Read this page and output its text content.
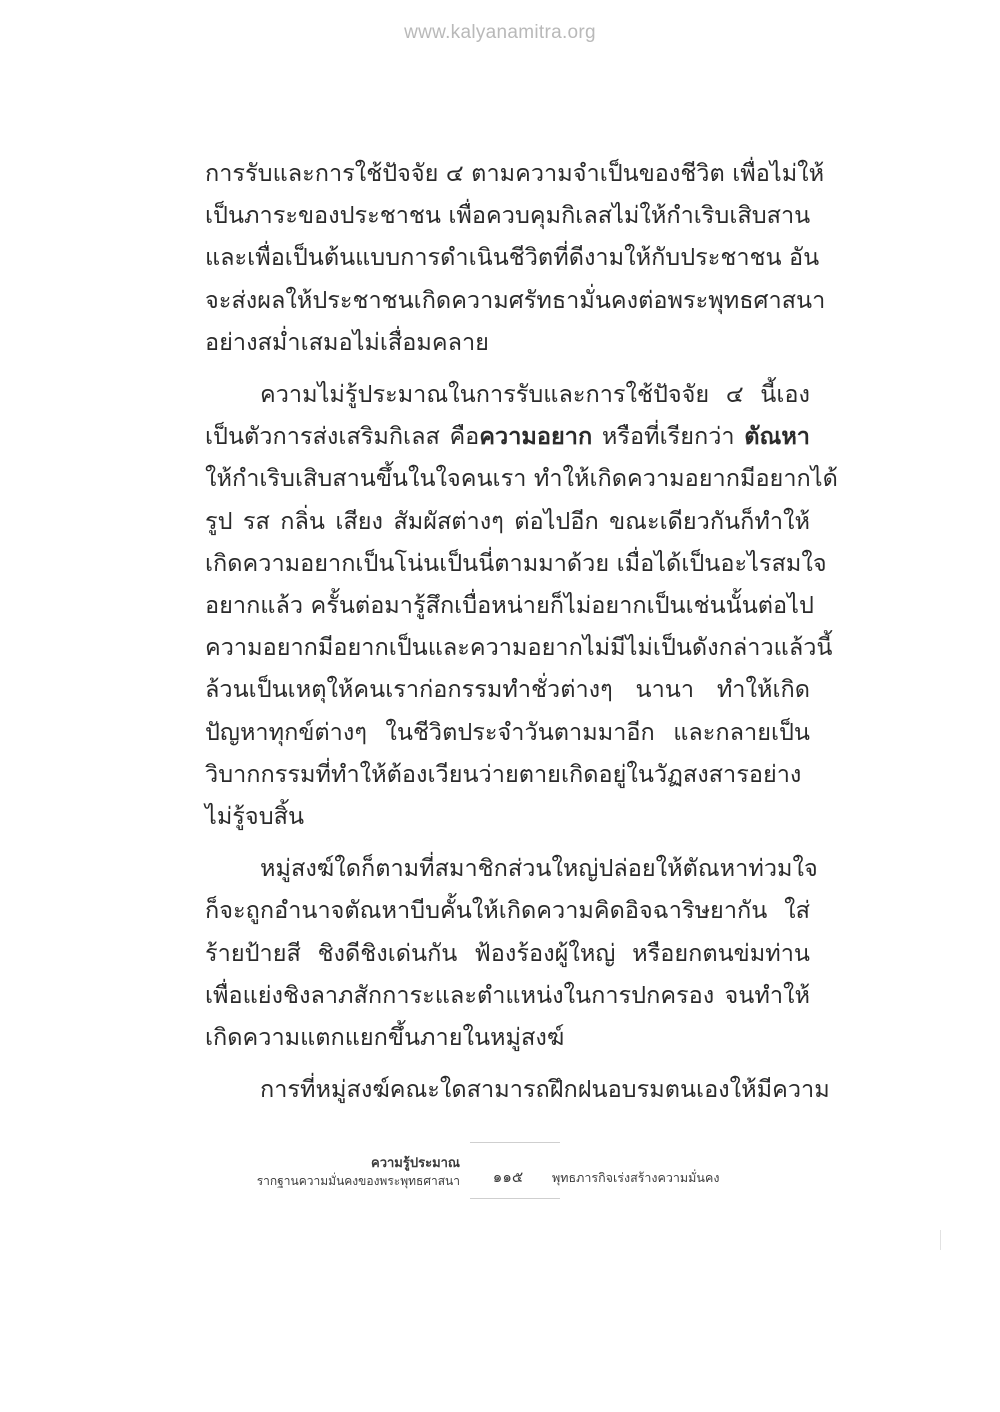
www.kalyanamitra.org
การรับและการใช้ปัจจัย ๔ ตามความจำเป็นของชีวิต เพื่อไม่ให้
เป็นภาระของประชาชน เพื่อควบคุมกิเลสไม่ให้กำเริบเสิบสาน
และเพื่อเป็นต้นแบบการดำเนินชีวิตที่ดีงามให้กับประชาชน อัน
จะส่งผลให้ประชาชนเกิดความศรัทธามั่นคงต่อพระพุทธศาสนา
อย่างสม่ำเสมอไม่เสื่อมคลาย
ความไม่รู้ประมาณในการรับและการใช้ปัจจัย ๔ นี้เอง
เป็นตัวการส่งเสริมกิเลส คือความอยาก หรือที่เรียกว่า ตัณหา
ให้กำเริบเสิบสานขึ้นในใจคนเรา ทำให้เกิดความอยากมีอยากได้
รูป รส กลิ่น เสียง สัมผัสต่างๆ ต่อไปอีก ขณะเดียวกันก็ทำให้
เกิดความอยากเป็นโน่นเป็นนี่ตามมาด้วย เมื่อได้เป็นอะไรสมใจ
อยากแล้ว ครั้นต่อมารู้สึกเบื่อหน่ายก็ไม่อยากเป็นเช่นนั้นต่อไป
ความอยากมีอยากเป็นและความอยากไม่มีไม่เป็นดังกล่าวแล้วนี้
ล้วนเป็นเหตุให้คนเราก่อกรรมทำชั่วต่างๆ นานา ทำให้เกิด
ปัญหาทุกข์ต่างๆ ในชีวิตประจำวันตามมาอีก และกลายเป็น
วิบากกรรมที่ทำให้ต้องเวียนว่ายตายเกิดอยู่ในวัฏสงสารอย่าง
ไม่รู้จบสิ้น
หมู่สงฆ์ใดก็ตามที่สมาชิกส่วนใหญ่ปล่อยให้ตัณหาท่วมใจ
ก็จะถูกอำนาจตัณหาบีบคั้นให้เกิดความคิดอิจฉาริษยากัน ใส่
ร้ายป้ายสี ชิงดีชิงเด่นกัน ฟ้องร้องผู้ใหญ่ หรือยกตนข่มท่าน
เพื่อแย่งชิงลาภสักการะและตำแหน่งในการปกครอง จนทำให้
เกิดความแตกแยกขึ้นภายในหมู่สงฆ์
การที่หมู่สงฆ์คณะใดสามารถฝึกฝนอบรมตนเองให้มีความ
ความรู้ประมาณ
รากฐานความมั่นคงของพระพุทธศาสนา	๑๑๕	พุทธภารกิจเร่งสร้างความมั่นคง
